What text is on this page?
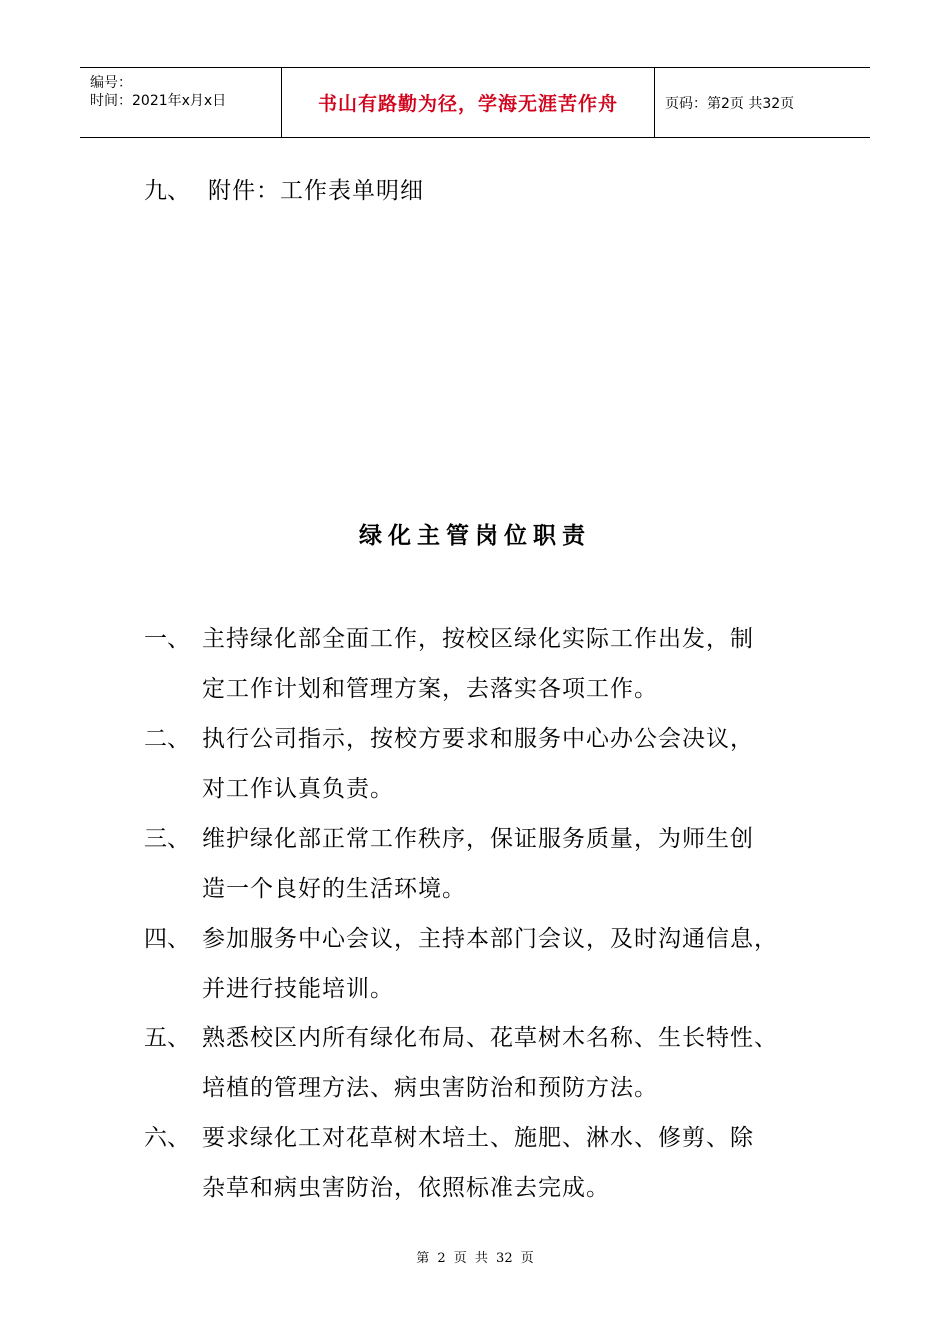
编号：
时间：2021年x月x日	书山有路勤为径，学海无涯苦作舟	页码：第2页 共32页
九、 附件：工作表单明细
绿化主管岗位职责
一、 主持绿化部全面工作，按校区绿化实际工作出发，制
定工作计划和管理方案，去落实各项工作。
二、 执行公司指示，按校方要求和服务中心办公会决议，
对工作认真负责。
三、 维护绿化部正常工作秩序，保证服务质量，为师生创
造一个良好的生活环境。
四、 参加服务中心会议，主持本部门会议，及时沟通信息，
并进行技能培训。
五、 熟悉校区内所有绿化布局、花草树木名称、生长特性、
培植的管理方法、病虫害防治和预防方法。
六、 要求绿化工对花草树木培土、施肥、淋水、修剪、除
杂草和病虫害防治，依照标准去完成。
第 2 页 共 32 页
